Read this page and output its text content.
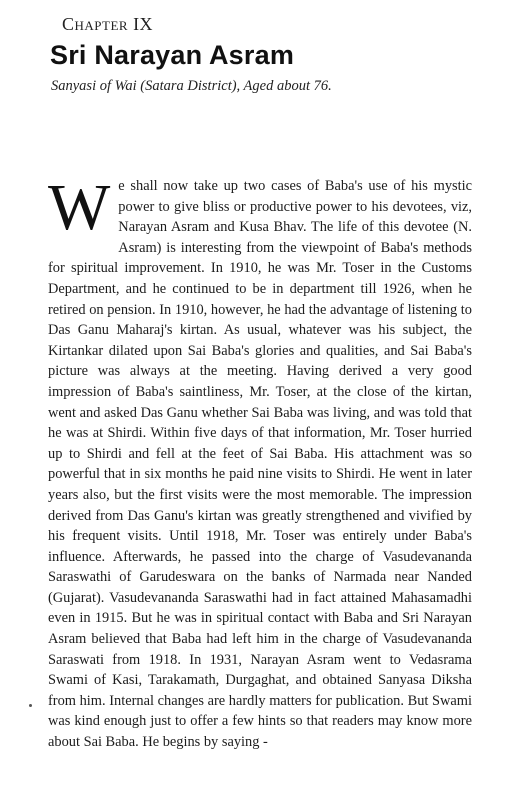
Chapter IX
Sri Narayan Asram
Sanyasi of Wai (Satara District), Aged about 76.
We shall now take up two cases of Baba's use of his mystic power to give bliss or productive power to his devotees, viz, Narayan Asram and Kusa Bhav. The life of this devotee (N. Asram) is interesting from the viewpoint of Baba's methods for spiritual improvement. In 1910, he was Mr. Toser in the Customs Department, and he continued to be in department till 1926, when he retired on pension. In 1910, however, he had the advantage of listening to Das Ganu Maharaj's kirtan. As usual, whatever was his subject, the Kirtankar dilated upon Sai Baba's glories and qualities, and Sai Baba's picture was always at the meeting. Having derived a very good impression of Baba's saintliness, Mr. Toser, at the close of the kirtan, went and asked Das Ganu whether Sai Baba was living, and was told that he was at Shirdi. Within five days of that information, Mr. Toser hurried up to Shirdi and fell at the feet of Sai Baba. His attachment was so powerful that in six months he paid nine visits to Shirdi. He went in later years also, but the first visits were the most memorable. The impression derived from Das Ganu's kirtan was greatly strengthened and vivified by his frequent visits. Until 1918, Mr. Toser was entirely under Baba's influence. Afterwards, he passed into the charge of Vasudevananda Saraswathi of Garudeswara on the banks of Narmada near Nanded (Gujarat). Vasudevananda Saraswathi had in fact attained Mahasamadhi even in 1915. But he was in spiritual contact with Baba and Sri Narayan Asram believed that Baba had left him in the charge of Vasudevananda Saraswati from 1918. In 1931, Narayan Asram went to Vedasrama Swami of Kasi, Tarakamath, Durgaghat, and obtained Sanyasa Diksha from him. Internal changes are hardly matters for publication. But Swami was kind enough just to offer a few hints so that readers may know more about Sai Baba. He begins by saying -
